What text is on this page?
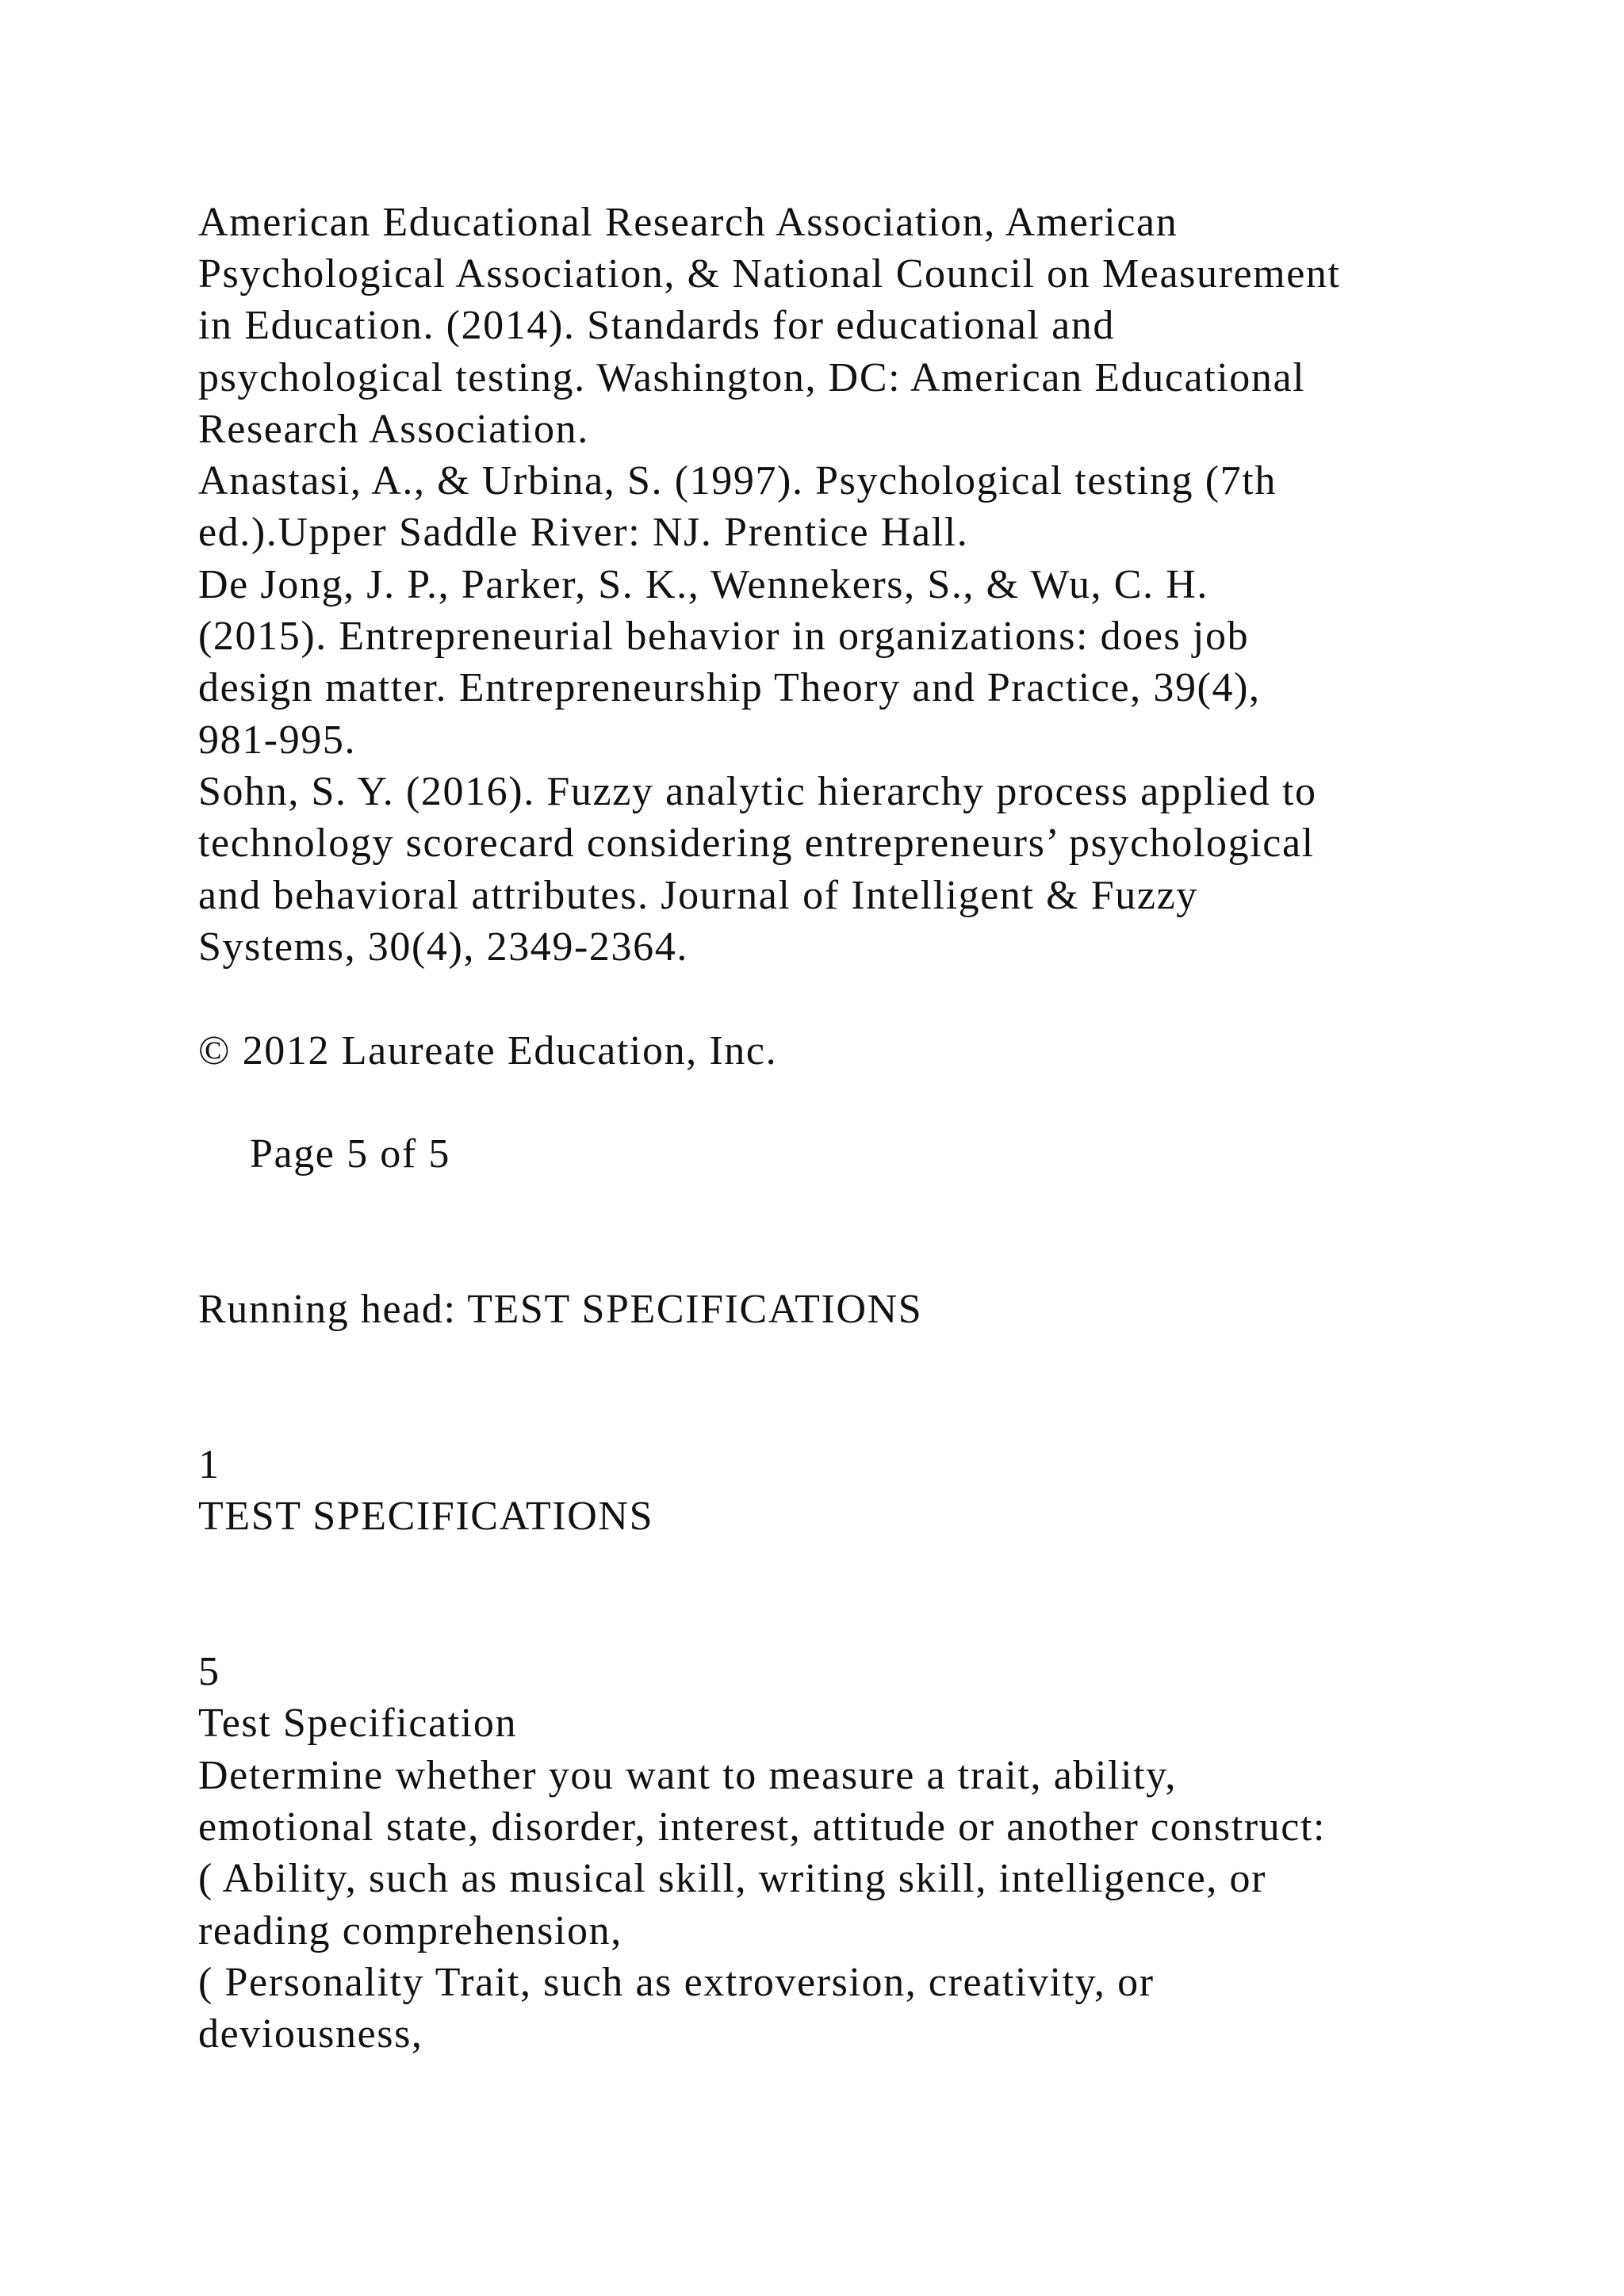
American Educational Research Association, American

Psychological Association, & National Council on Measurement

in Education. (2014). Standards for educational and

psychological testing. Washington, DC: American Educational

Research Association.

Anastasi, A., & Urbina, S. (1997). Psychological testing (7th

ed.).Upper Saddle River: NJ. Prentice Hall.

De Jong, J. P., Parker, S. K., Wennekers, S., & Wu, C. H.

(2015). Entrepreneurial behavior in organizations: does job

design matter. Entrepreneurship Theory and Practice, 39(4),

981-995.

Sohn, S. Y. (2016). Fuzzy analytic hierarchy process applied to

technology scorecard considering entrepreneurs’ psychological

and behavioral attributes. Journal of Intelligent & Fuzzy

Systems, 30(4), 2349-2364.

© 2012 Laureate Education, Inc.

Page 5 of 5

Running head: TEST SPECIFICATIONS

1

TEST SPECIFICATIONS

5

Test Specification

Determine whether you want to measure a trait, ability,

emotional state, disorder, interest, attitude or another construct:

( Ability, such as musical skill, writing skill, intelligence, or

reading comprehension,

( Personality Trait, such as extroversion, creativity, or

deviousness,
